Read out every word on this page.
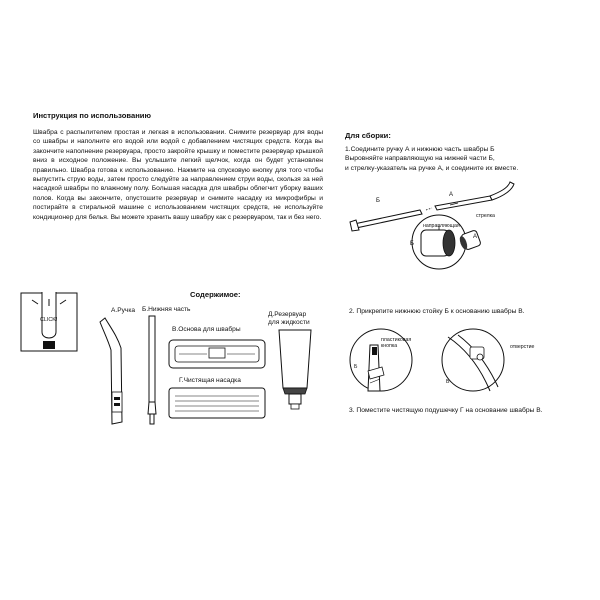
Инструкция по использованию
Швабра с распылителем простая и легкая в использовании. Снимите резервуар для воды со швабры и наполните его водой или водой с добавлением чистящих средств. Когда вы закончите наполнение резервуара, просто закройте крышку и поместите резервуар крышкой вниз в исходное положение. Вы услышите легкий щелчок, когда он будет установлен правильно. Швабра готова к использованию. Нажмите на спусковую кнопку для того чтобы выпустить струю воды, затем просто следуйте за направлением струи воды, скользя за ней насадкой швабры по влажному полу. Большая насадка для швабры облегчит уборку ваших полов. Когда вы закончите, опустошите резервуар и снимите насадку из микрофибры и постирайте в стиральной машине с использованием чистящих средств, не используйте кондиционер для белья. Вы можете хранить вашу швабру как с резервуаром, так и без него.
Для сборки:
1.Соедините ручку А и нижнюю часть швабры Б
Выровняйте направляющую на нижней части Б,
и стрелку-указатель на ручке А, и соедините их вместе.
Б
А
направляющая
стрелка
Б
А
Содержимое:
CLICK!
А.Ручка Б.Нижняя часть
В.Основа для швабры
Г.Чистящая насадка
Д.Резервуар
для жидкости
2. Прикрепите нижнюю стойку Б к основанию швабры В.
пластиковая
кнопка
Б
отверстие
В
3. Поместите чистящую подушечку Г на основание швабры В.
